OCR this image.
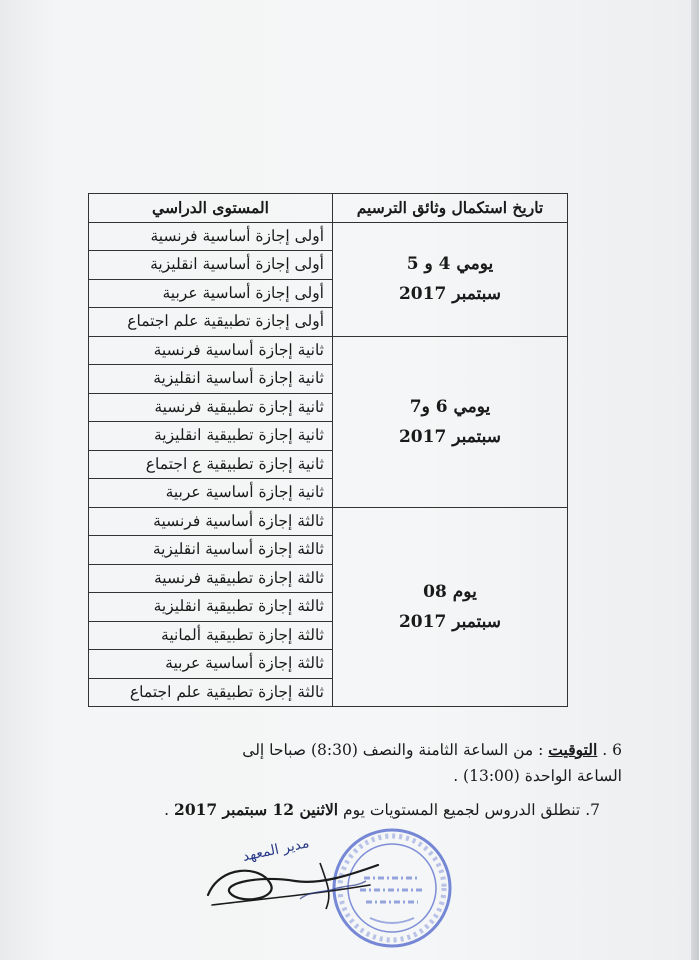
تاريخ استكمال وثائق الترسيم	المستوى الدراسي

يومي 4 و 5
سبتمبر 2017	أولى إجازة أساسية فرنسية
	أولى إجازة أساسية انقليزية
	أولى إجازة أساسية عربية
	أولى إجازة تطبيقية علم اجتماع

يومي 6 و7
سبتمبر 2017	ثانية إجازة أساسية فرنسية
	ثانية إجازة أساسية انقليزية
	ثانية إجازة تطبيقية فرنسية
	ثانية إجازة تطبيقية انقليزية
	ثانية إجازة تطبيقية ع اجتماع
	ثانية إجازة أساسية عربية

يوم 08
سبتمبر 2017	ثالثة إجازة أساسية فرنسية
	ثالثة إجازة أساسية انقليزية
	ثالثة إجازة تطبيقية فرنسية
	ثالثة إجازة تطبيقية انقليزية
	ثالثة إجازة تطبيقية ألمانية
	ثالثة إجازة أساسية عربية
	ثالثة إجازة تطبيقية علم اجتماع
6 . التوقيت : من الساعة الثامنة والنصف (8:30) صباحا إلى
الساعة الواحدة (13:00) .
7. تنطلق الدروس لجميع المستويات يوم الاثنين 12 سبتمبر 2017 .
مدير المعهد
